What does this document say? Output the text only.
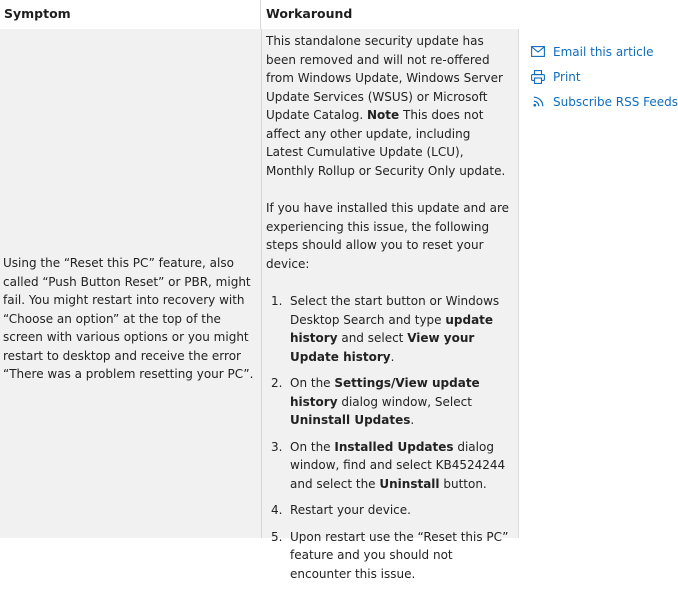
Symptom	Workaround
Using the “Reset this PC” feature, also called “Push Button Reset” or PBR, might fail. You might restart into recovery with “Choose an option” at the top of the screen with various options or you might restart to desktop and receive the error “There was a problem resetting your PC”.

This standalone security update has been removed and will not re-offered from Windows Update, Windows Server Update Services (WSUS) or Microsoft Update Catalog. Note This does not affect any other update, including Latest Cumulative Update (LCU), Monthly Rollup or Security Only update.

If you have installed this update and are experiencing this issue, the following steps should allow you to reset your device:

1. Select the start button or Windows Desktop Search and type update history and select View your Update history.
2. On the Settings/View update history dialog window, Select Uninstall Updates.
3. On the Installed Updates dialog window, find and select KB4524244 and select the Uninstall button.
4. Restart your device.
5. Upon restart use the “Reset this PC” feature and you should not encounter this issue.
Email this article
Print
Subscribe RSS Feeds
